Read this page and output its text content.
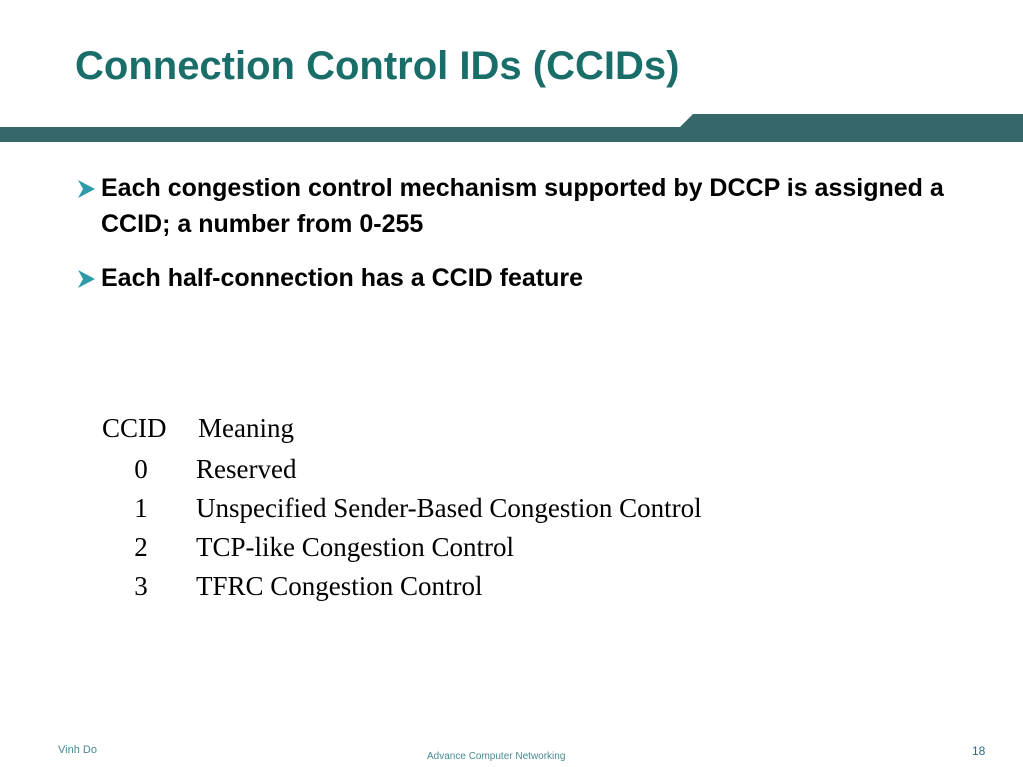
Connection Control IDs (CCIDs)
Each congestion control mechanism supported by DCCP is assigned a CCID; a number from 0-255
Each half-connection has a CCID feature
CCID Meaning
0 Reserved
1 Unspecified Sender-Based Congestion Control
2 TCP-like Congestion Control
3 TFRC Congestion Control
Vinh Do
Advance Computer Networking	18
